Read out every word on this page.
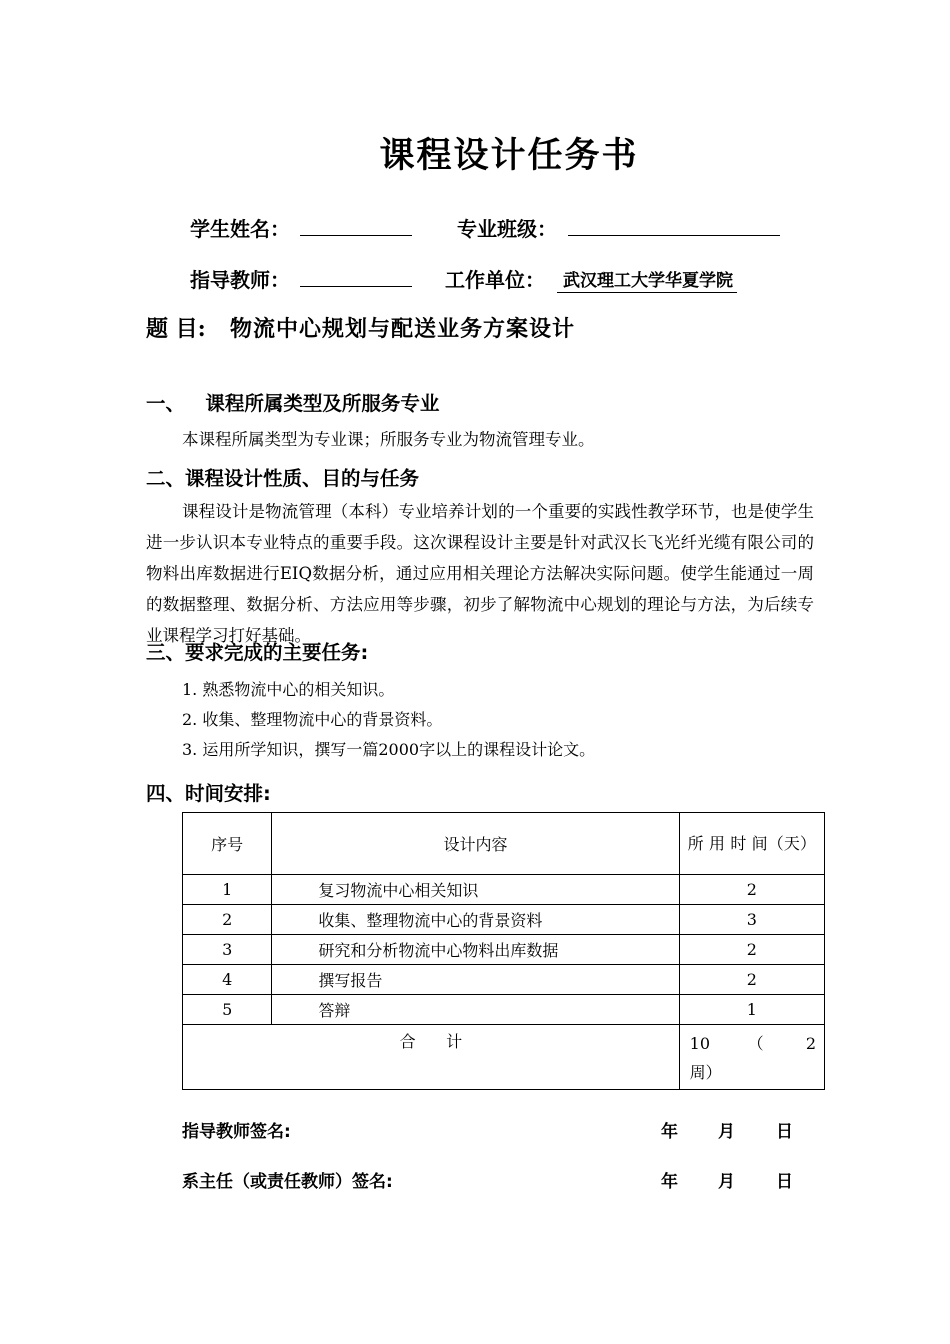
课程设计任务书
学生姓名：	专业班级：
指导教师：	工作单位：	武汉理工大学华夏学院
题 目: 物流中心规划与配送业务方案设计
一、   课程所属类型及所服务专业
本课程所属类型为专业课；所服务专业为物流管理专业。
二、课程设计性质、目的与任务
课程设计是物流管理（本科）专业培养计划的一个重要的实践性教学环节，也是使学生进一步认识本专业特点的重要手段。这次课程设计主要是针对武汉长飞光纤光缆有限公司的物料出库数据进行EIQ数据分析，通过应用相关理论方法解决实际问题。使学生能通过一周的数据整理、数据分析、方法应用等步骤，初步了解物流中心规划的理论与方法，为后续专业课程学习打好基础。
三、要求完成的主要任务:
1. 熟悉物流中心的相关知识。
2. 收集、整理物流中心的背景资料。
3. 运用所学知识，撰写一篇2000字以上的课程设计论文。
四、时间安排:
序号	设计内容	所 用 时 间（天）
1	复习物流中心相关知识	2
2	收集、整理物流中心的背景资料	3
3	研究和分析物流中心物料出库数据	2
4	撰写报告	2
5	答辩	1
合      计		10 （ 2周）
指导教师签名:	年 月 日
系主任（或责任教师）签名:	年 月 日
